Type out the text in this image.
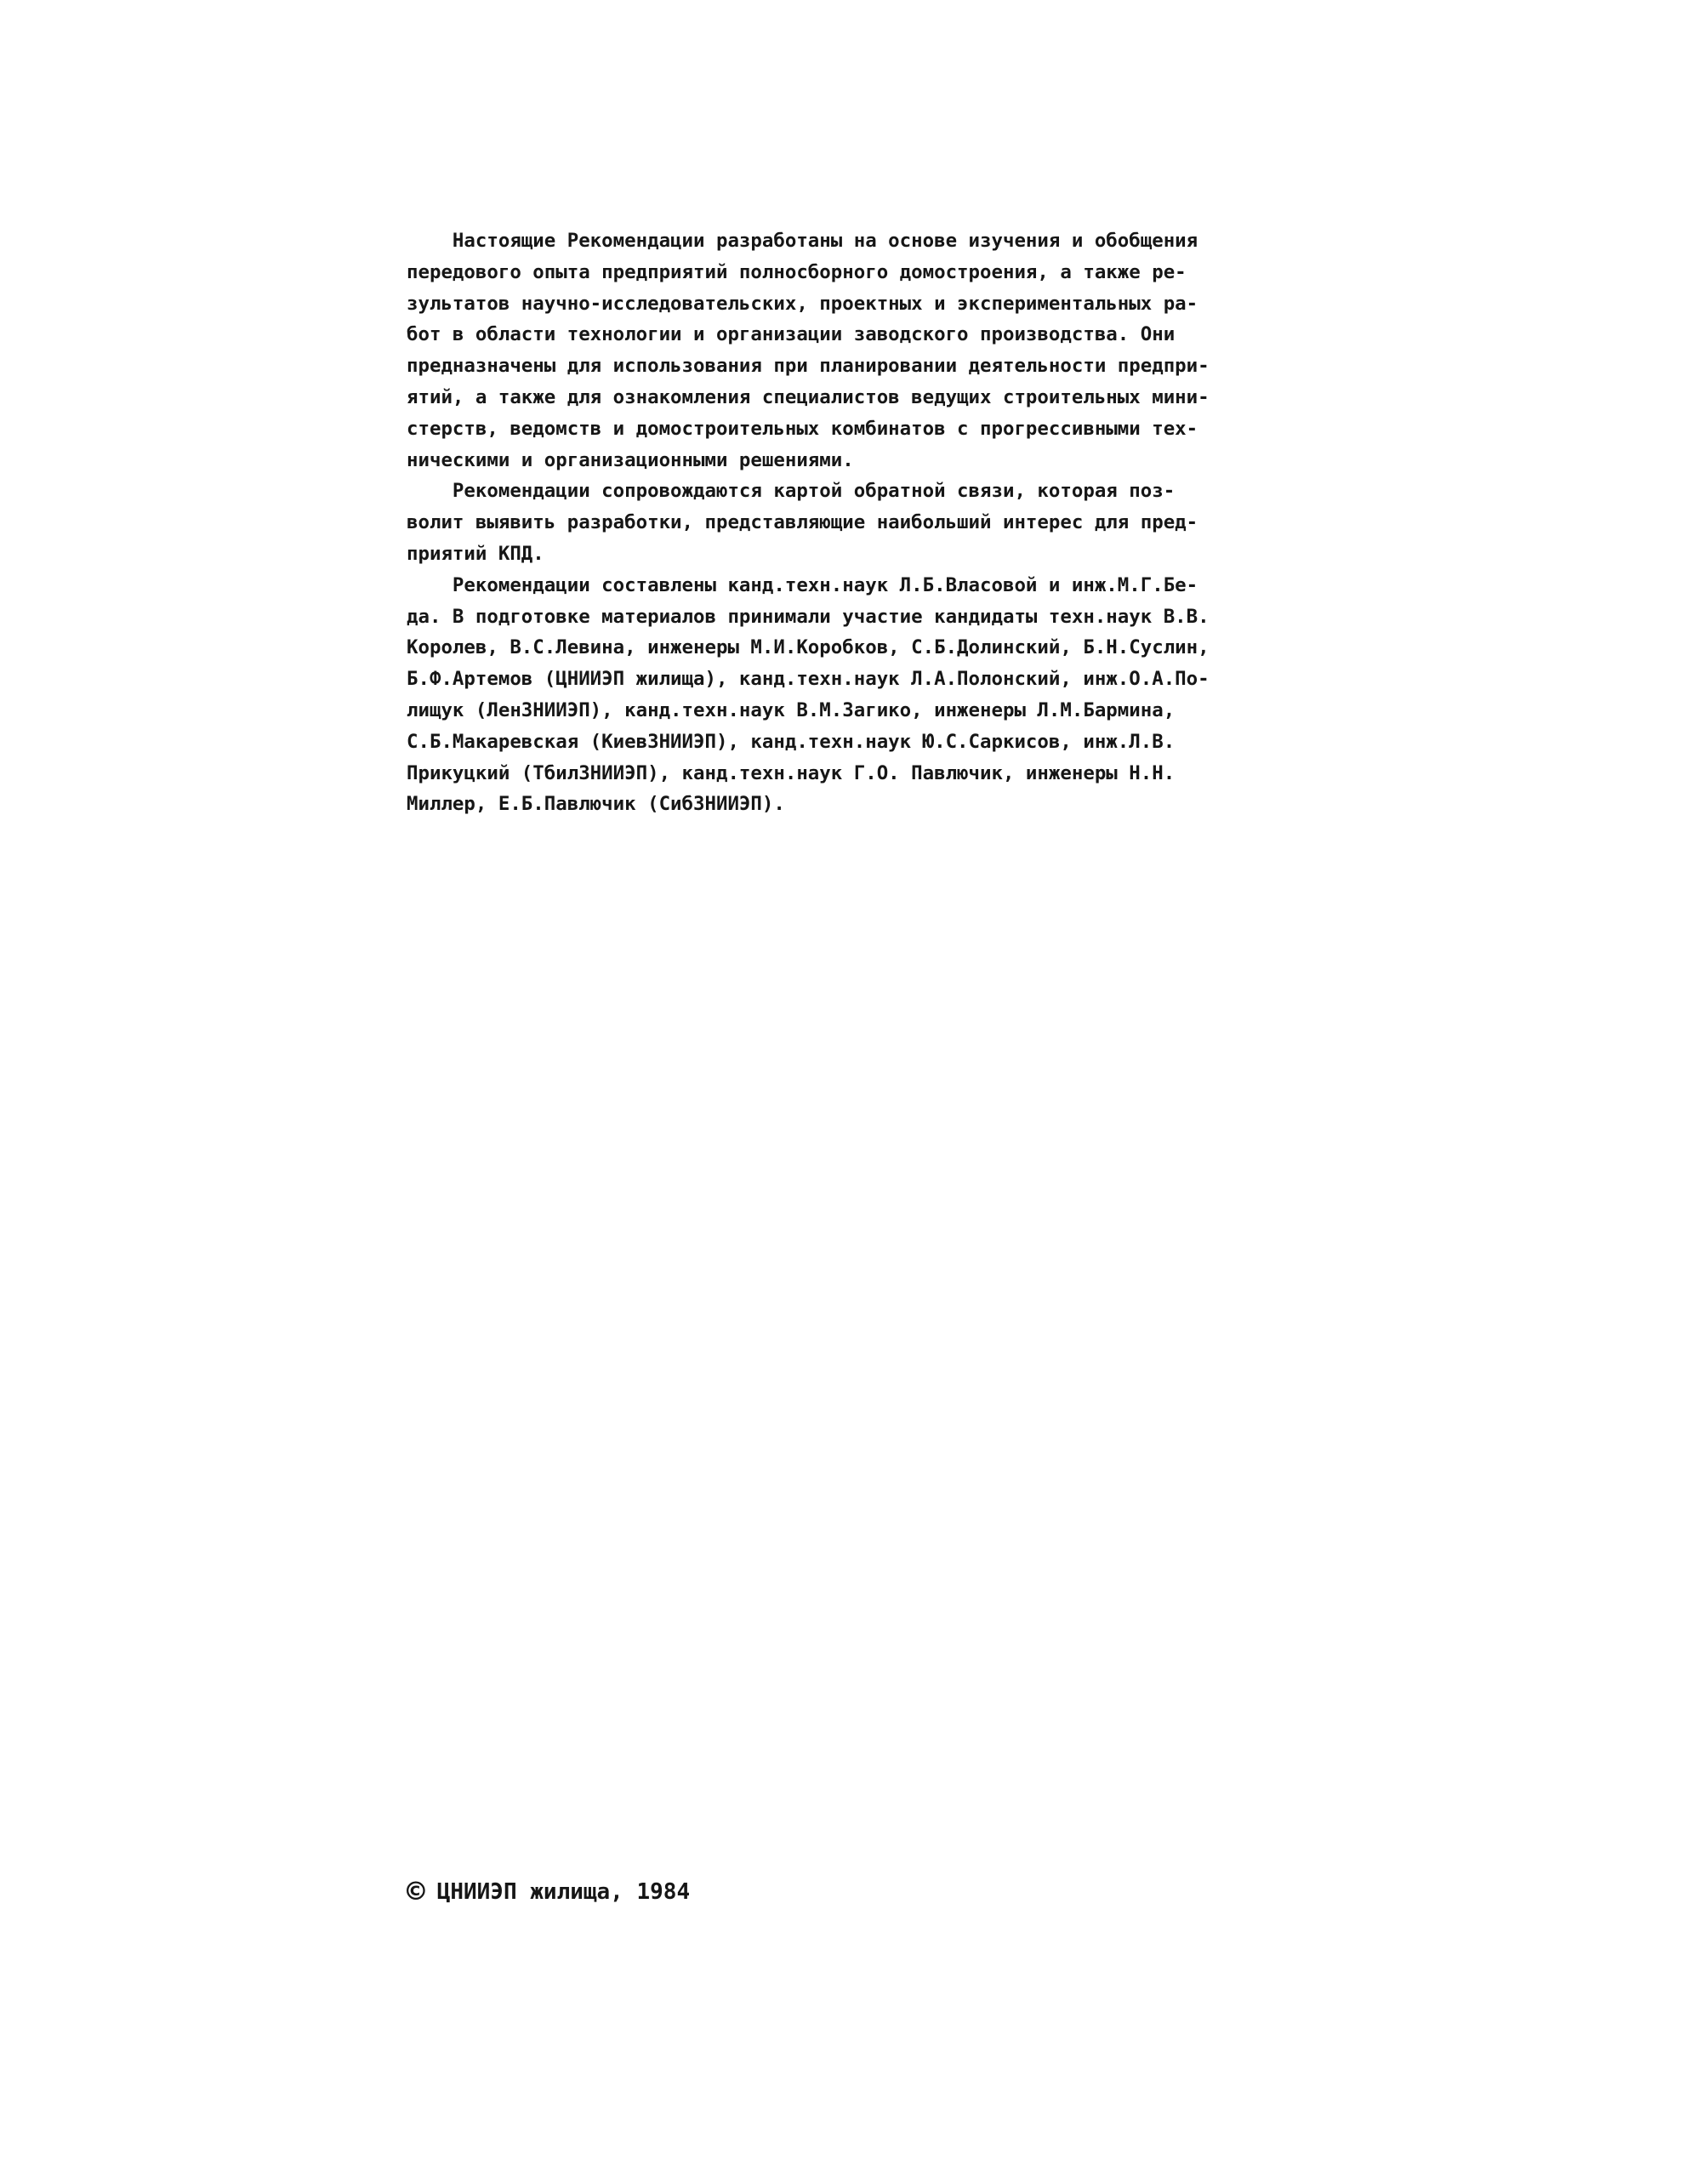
Настоящие Рекомендации разработаны на основе изучения и обобщения
передового опыта предприятий полносборного домостроения, а также ре-
зультатов научно-исследовательских, проектных и экспериментальных ра-
бот в области технологии и организации заводского производства. Они
предназначены для использования при планировании деятельности предпри-
ятий, а также для ознакомления специалистов ведущих строительных мини-
стерств, ведомств и домостроительных комбинатов с прогрессивными тех-
ническими и организационными решениями.
Рекомендации сопровождаются картой обратной связи, которая поз-
волит выявить разработки, представляющие наибольший интерес для пред-
приятий КПД.
Рекомендации составлены канд.техн.наук Л.Б.Власовой и инж.М.Г.Бе-
да. В подготовке материалов принимали участие кандидаты техн.наук В.В.
Королев, В.С.Левина, инженеры М.И.Коробков, С.Б.Долинский, Б.Н.Суслин,
Б.Ф.Артемов (ЦНИИЭП жилища), канд.техн.наук Л.А.Полонский, инж.О.А.По-
лищук (ЛенЗНИИЭП), канд.техн.наук В.М.Загико, инженеры Л.М.Бармина,
С.Б.Макаревская (КиевЗНИИЭП), канд.техн.наук Ю.С.Саркисов, инж.Л.В.
Прикуцкий (ТбилЗНИИЭП), канд.техн.наук Г.О. Павлючик, инженеры Н.Н.
Миллер, Е.Б.Павлючик (СибЗНИИЭП).
© ЦНИИЭП жилища, 1984
